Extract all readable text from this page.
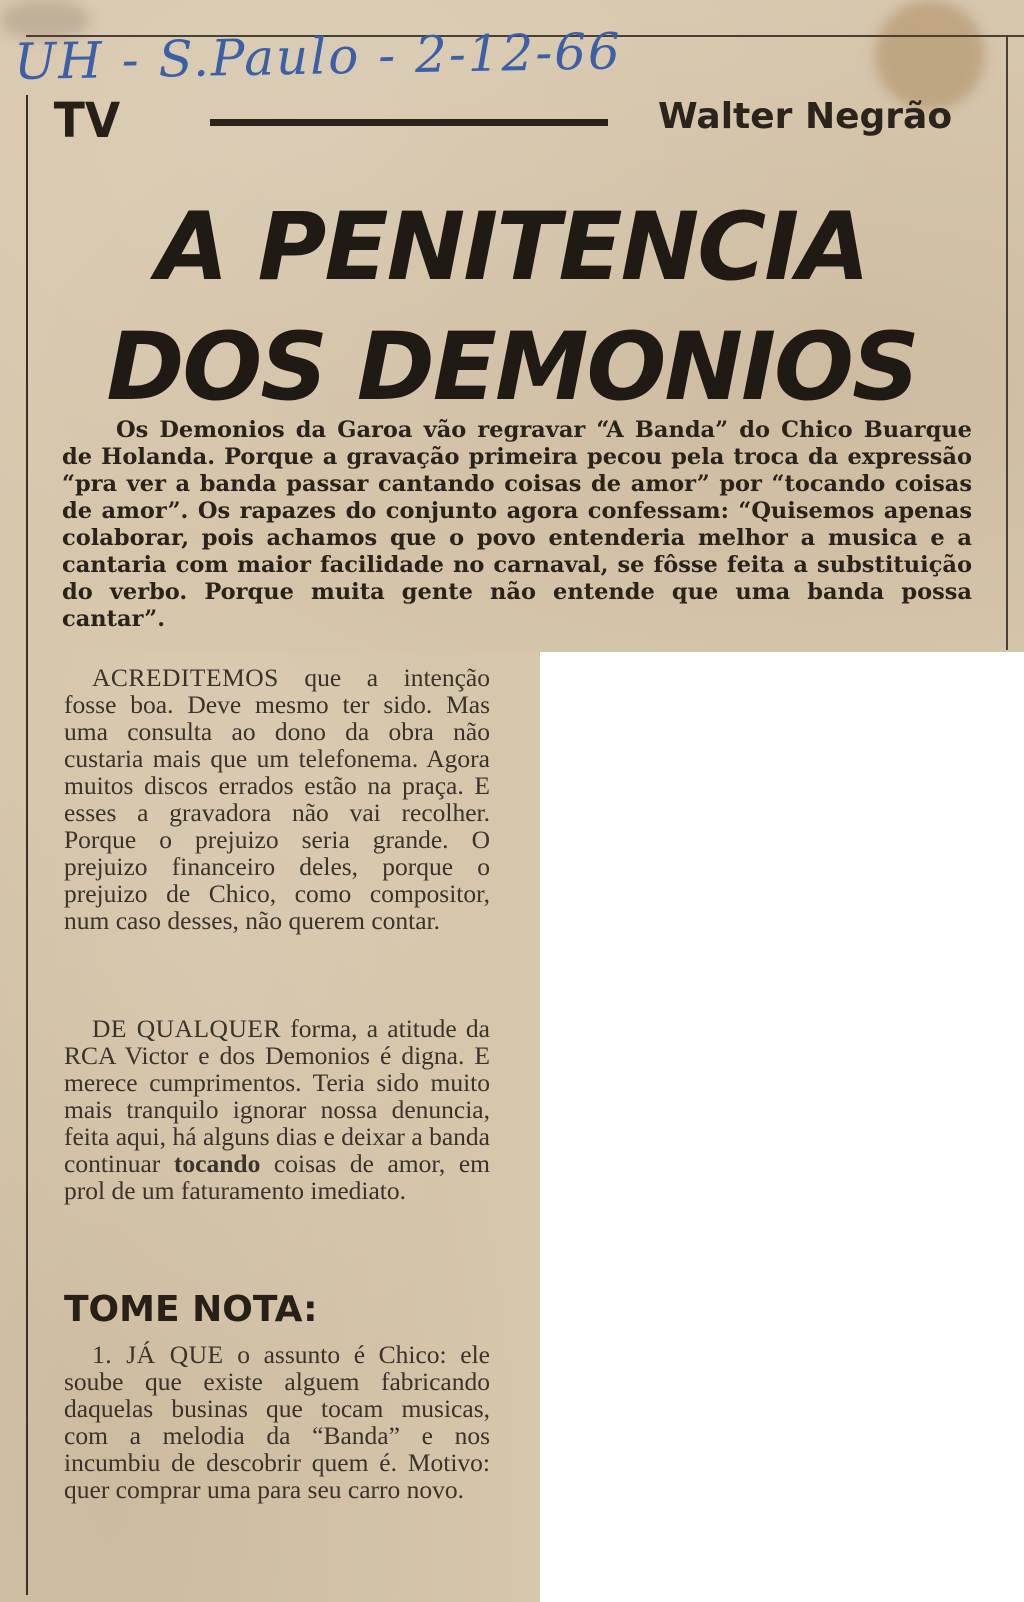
UH - S.Paulo - 2-12-66
TV	Walter Negrão
A PENITENCIA
DOS DEMONIOS
Os Demonios da Garoa vão regravar “A Banda” do Chico Buarque de Holanda. Porque a gravação primeira pecou pela troca da expressão “pra ver a banda passar cantando coisas de amor” por “tocando coisas de amor”. Os rapazes do conjunto agora confessam: “Quisemos apenas colaborar, pois achamos que o povo entenderia melhor a musica e a cantaria com maior facilidade no carnaval, se fôsse feita a substituição do verbo. Porque muita gente não entende que uma banda possa cantar”.

ACREDITEMOS que a intenção fosse boa. Deve mesmo ter sido. Mas uma consulta ao dono da obra não custaria mais que um telefonema. Agora muitos discos errados estão na praça. E esses a gravadora não vai recolher. Porque o prejuizo seria grande. O prejuizo financeiro deles, porque o prejuizo de Chico, como compositor, num caso desses, não querem contar.

DE QUALQUER forma, a atitude da RCA Victor e dos Demonios é digna. E merece cumprimentos. Teria sido muito mais tranquilo ignorar nossa denuncia, feita aqui, há alguns dias e deixar a banda continuar tocando coisas de amor, em prol de um faturamento imediato.

TOME NOTA:

1. JÁ QUE o assunto é Chico: ele soube que existe alguem fabricando daquelas businas que tocam musicas, com a melodia da “Banda” e nos incumbiu de descobrir quem é. Motivo: quer comprar uma para seu carro novo.
